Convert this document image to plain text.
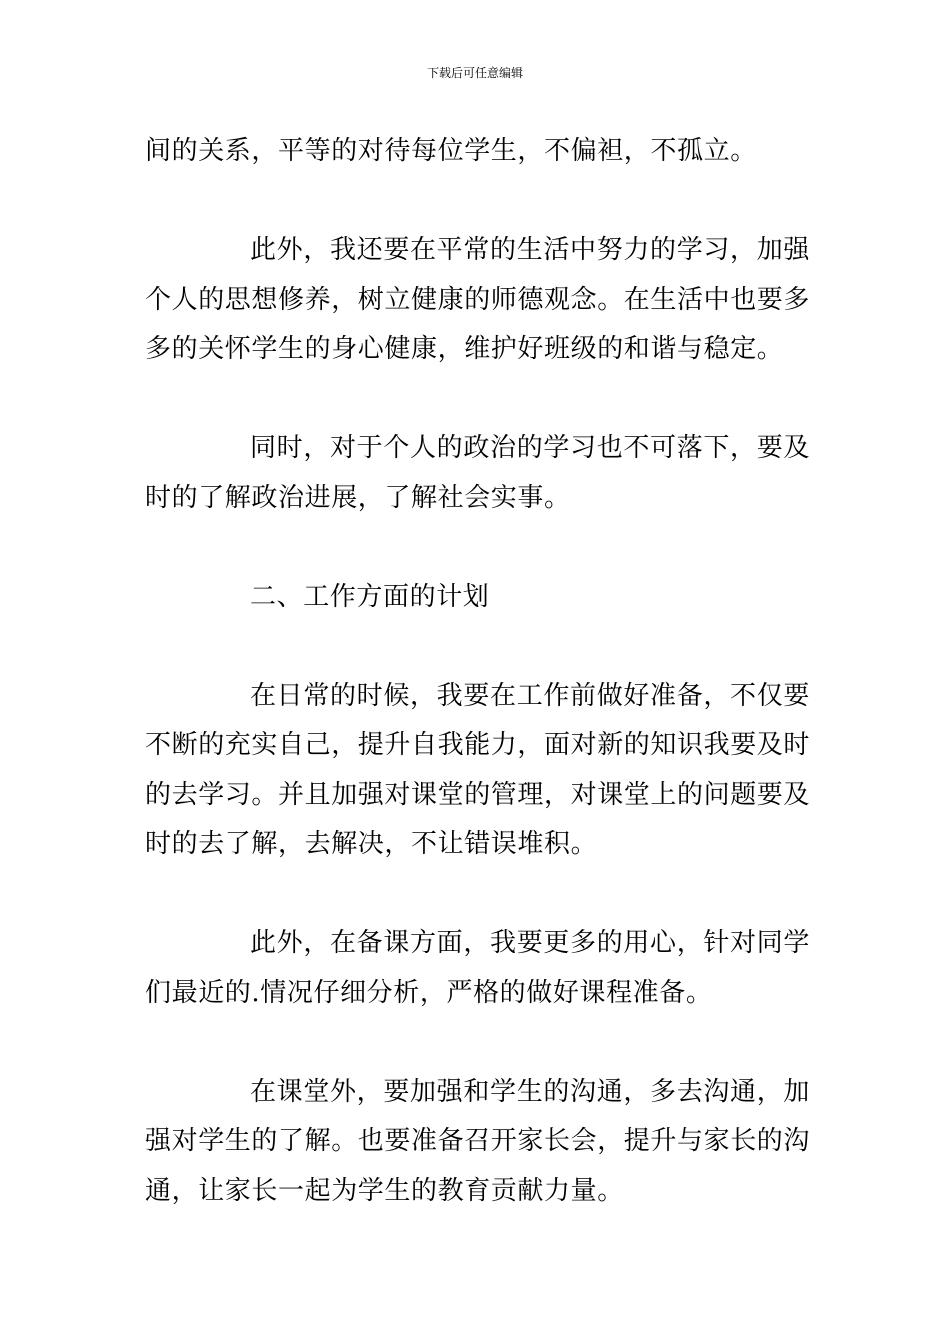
下载后可任意编辑

间的关系，平等的对待每位学生，不偏袒，不孤立。

此外，我还要在平常的生活中努力的学习，加强个人的思想修养，树立健康的师德观念。在生活中也要多多的关怀学生的身心健康，维护好班级的和谐与稳定。

同时，对于个人的政治的学习也不可落下，要及时的了解政治进展，了解社会实事。

二、工作方面的计划

在日常的时候，我要在工作前做好准备，不仅要不断的充实自己，提升自我能力，面对新的知识我要及时的去学习。并且加强对课堂的管理，对课堂上的问题要及时的去了解，去解决，不让错误堆积。

此外，在备课方面，我要更多的用心，针对同学们最近的.情况仔细分析，严格的做好课程准备。

在课堂外，要加强和学生的沟通，多去沟通，加强对学生的了解。也要准备召开家长会，提升与家长的沟通，让家长一起为学生的教育贡献力量。
